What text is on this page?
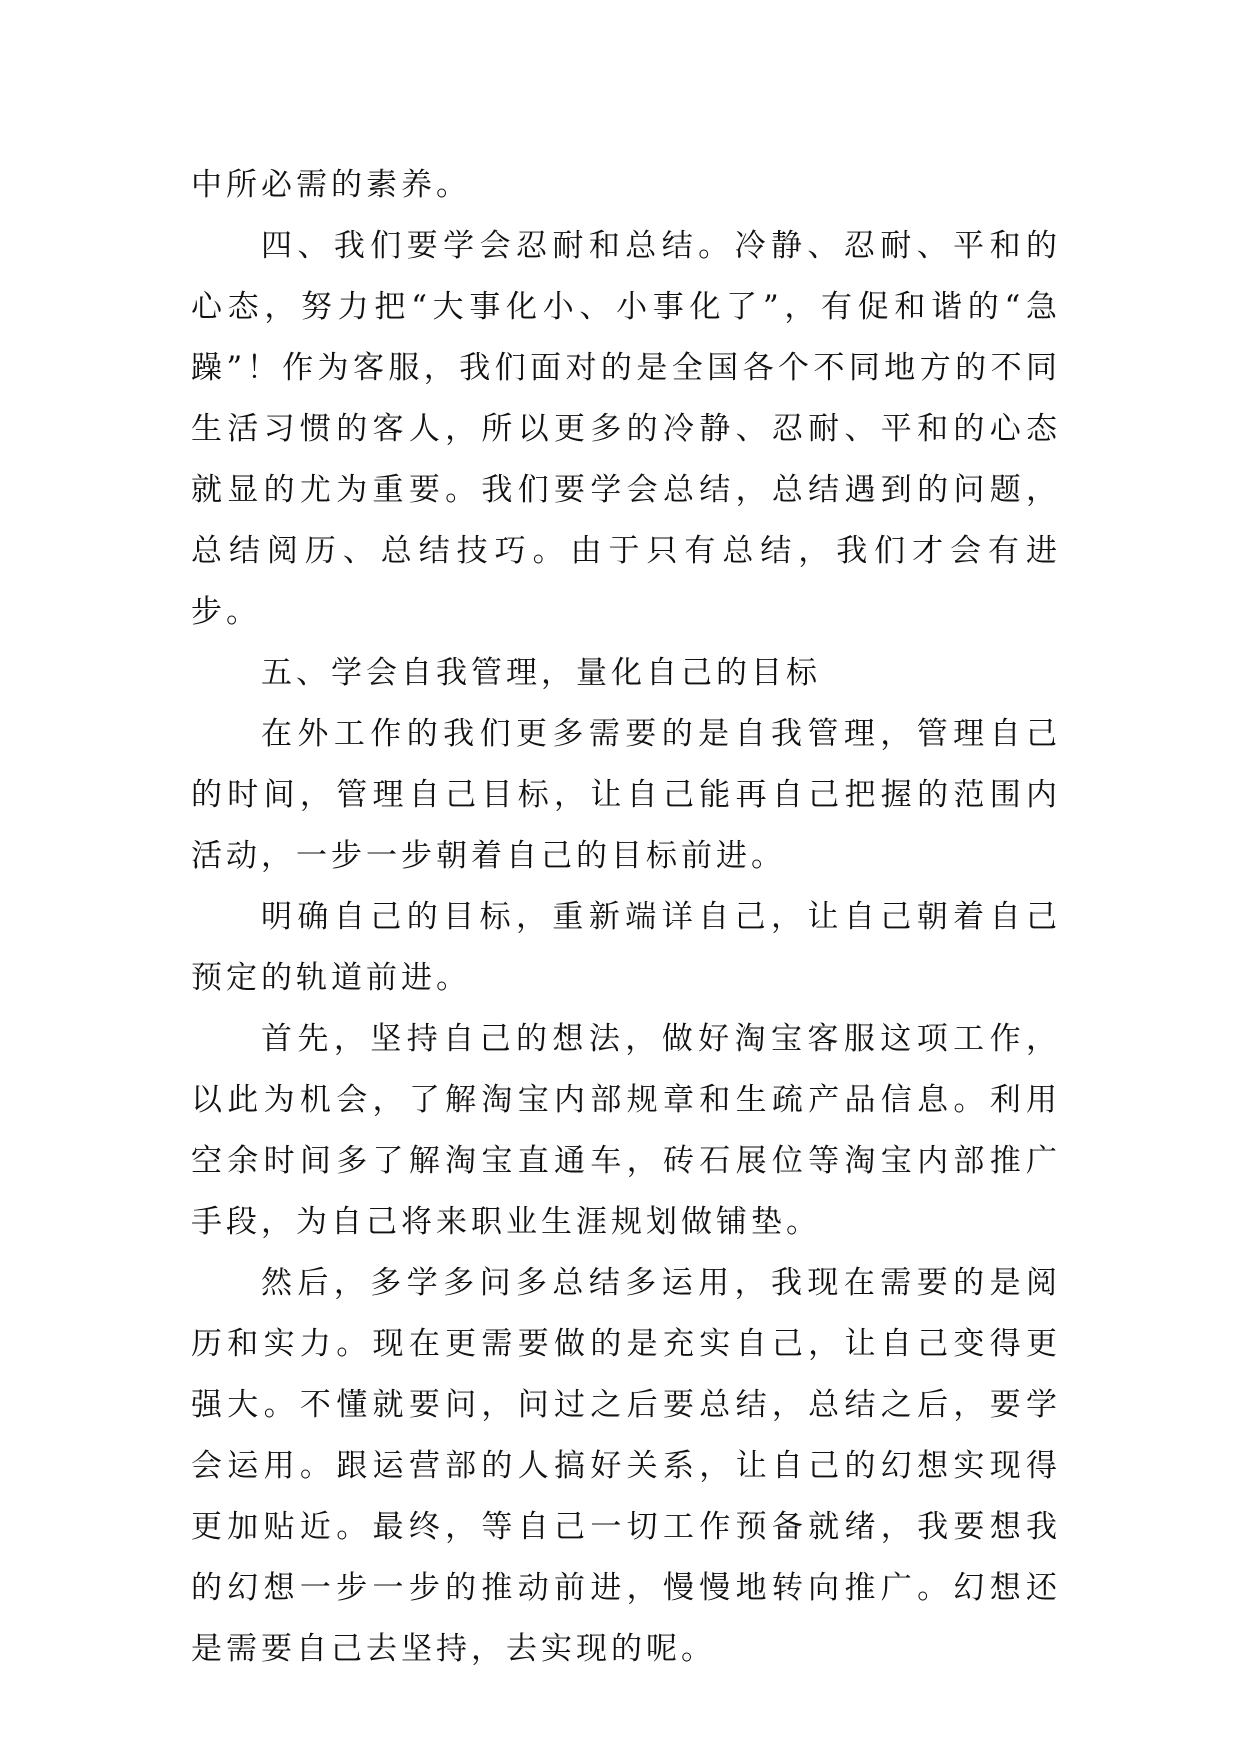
中所必需的素养。

四、我们要学会忍耐和总结。冷静、忍耐、平和的心态，努力把“大事化小、小事化了”，有促和谐的“急躁”！作为客服，我们面对的是全国各个不同地方的不同生活习惯的客人，所以更多的冷静、忍耐、平和的心态就显的尤为重要。我们要学会总结，总结遇到的问题，总结阅历、总结技巧。由于只有总结，我们才会有进步。

五、学会自我管理，量化自己的目标

在外工作的我们更多需要的是自我管理，管理自己的时间，管理自己目标，让自己能再自己把握的范围内活动，一步一步朝着自己的目标前进。

明确自己的目标，重新端详自己，让自己朝着自己预定的轨道前进。

首先，坚持自己的想法，做好淘宝客服这项工作，以此为机会，了解淘宝内部规章和生疏产品信息。利用空余时间多了解淘宝直通车，砖石展位等淘宝内部推广手段，为自己将来职业生涯规划做铺垫。

然后，多学多问多总结多运用，我现在需要的是阅历和实力。现在更需要做的是充实自己，让自己变得更强大。不懂就要问，问过之后要总结，总结之后，要学会运用。跟运营部的人搞好关系，让自己的幻想实现得更加贴近。最终，等自己一切工作预备就绪，我要想我的幻想一步一步的推动前进，慢慢地转向推广。幻想还是需要自己去坚持，去实现的呢。
